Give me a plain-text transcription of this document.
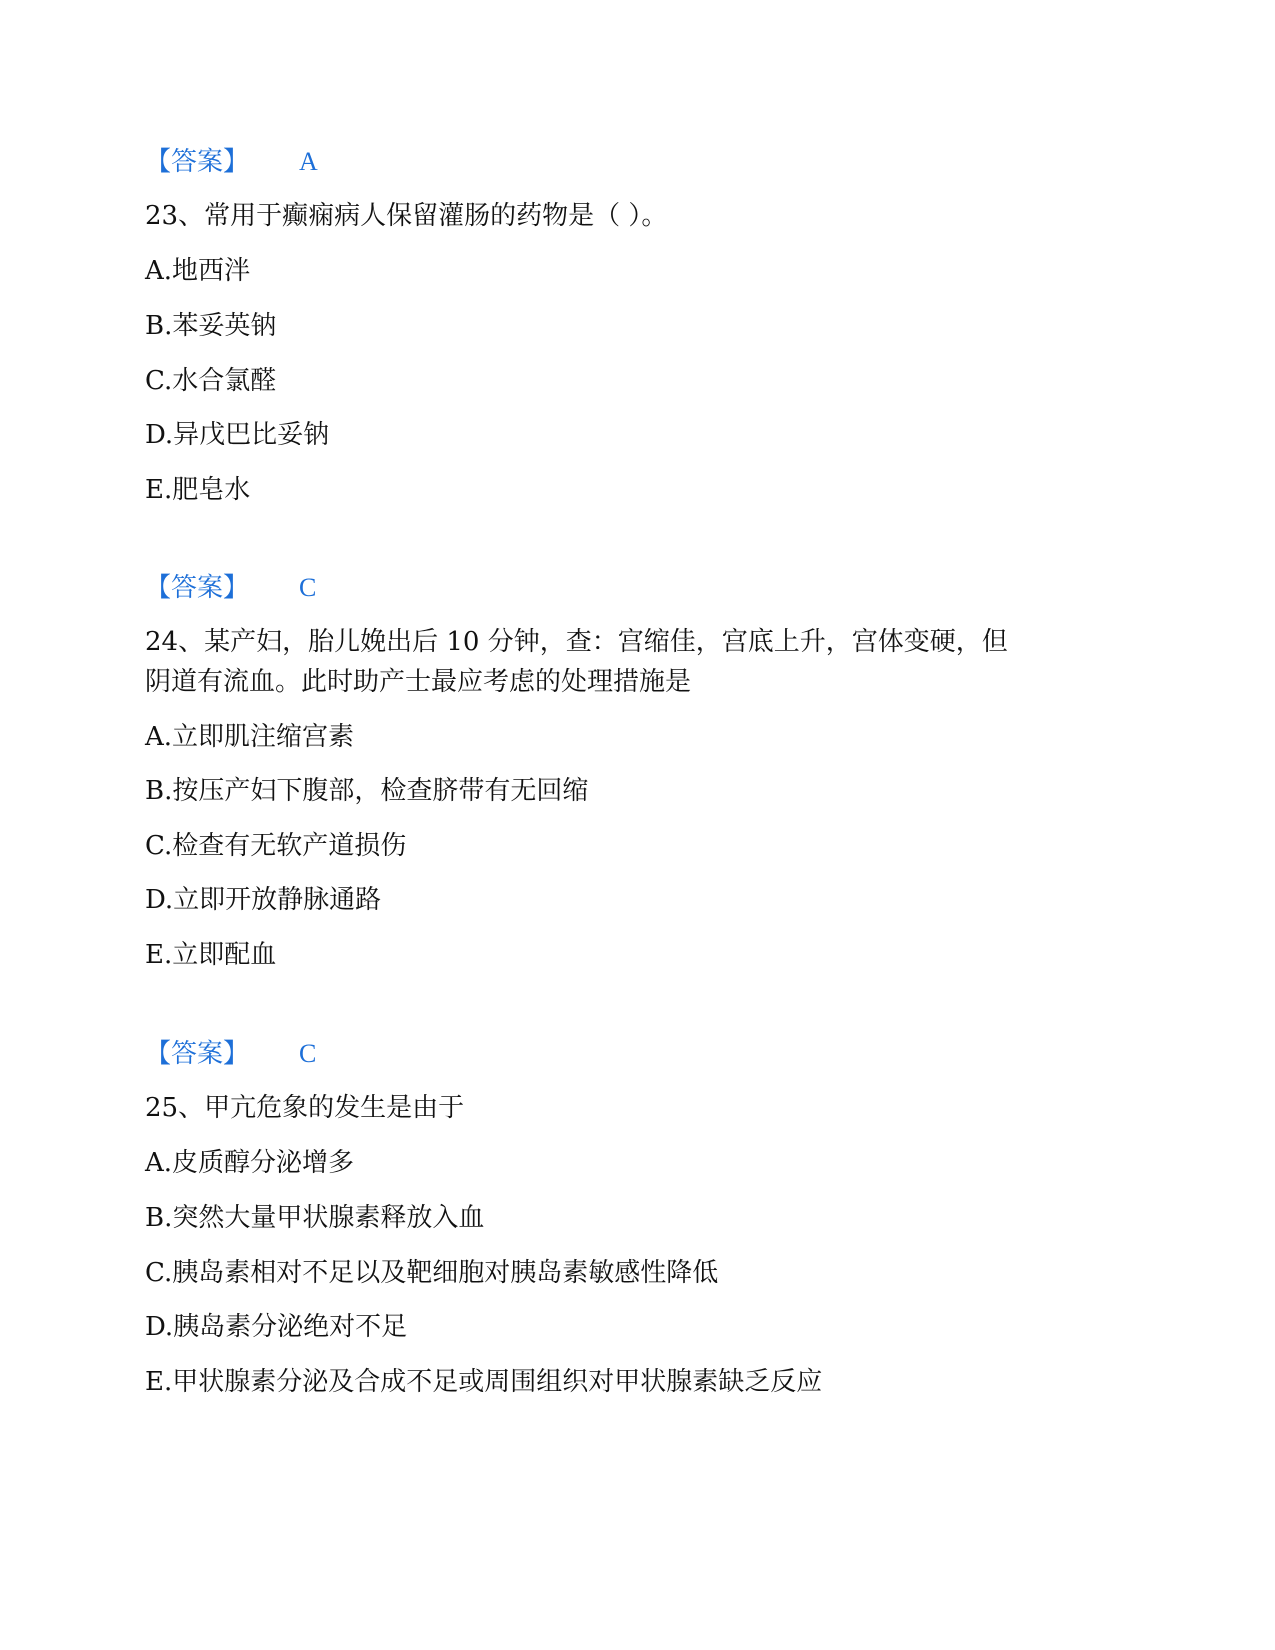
【答案】 A
23、常用于癫痫病人保留灌肠的药物是（ ）。
A.地西泮
B.苯妥英钠
C.水合氯醛
D.异戊巴比妥钠
E.肥皂水
【答案】 C
24、某产妇，胎儿娩出后 10 分钟，查：宫缩佳，宫底上升，宫体变硬，但
阴道有流血。此时助产士最应考虑的处理措施是
A.立即肌注缩宫素
B.按压产妇下腹部，检查脐带有无回缩
C.检查有无软产道损伤
D.立即开放静脉通路
E.立即配血
【答案】 C
25、甲亢危象的发生是由于
A.皮质醇分泌增多
B.突然大量甲状腺素释放入血
C.胰岛素相对不足以及靶细胞对胰岛素敏感性降低
D.胰岛素分泌绝对不足
E.甲状腺素分泌及合成不足或周围组织对甲状腺素缺乏反应
